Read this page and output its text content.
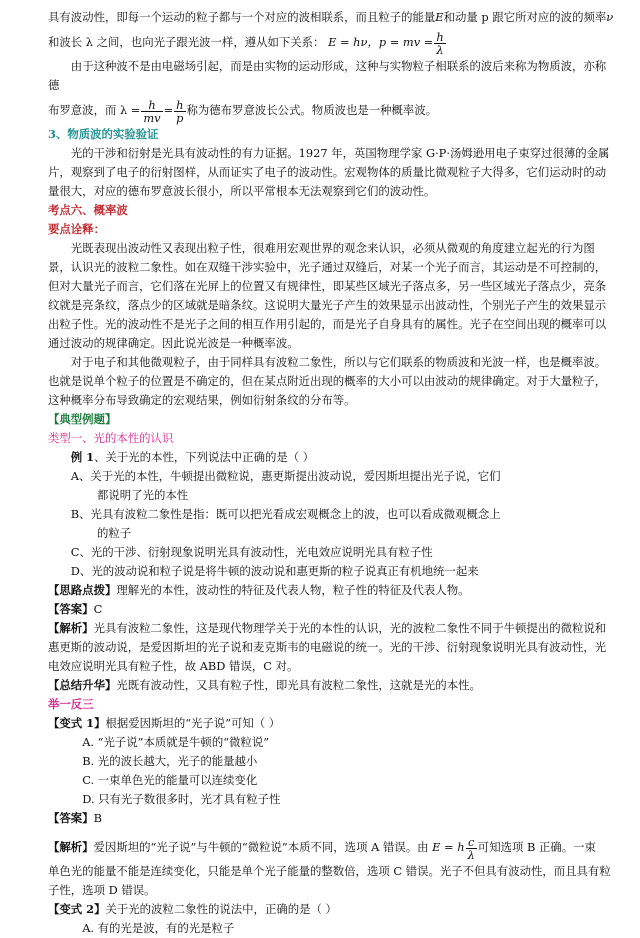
具有波动性，即每一个运动的粒子都与一个对应的波相联系，而且粒子的能量E和动量 p 跟它所对应的波的频率ν

和波长 λ 之间，也向光子跟光波一样，遵从如下关系： E = hν，p = mv = $\frac{h}{\lambda}$

由于这种波不是由电磁场引起，而是由实物的运动形成，这种与实物粒子相联系的波后来称为物质波，亦称德

布罗意波，而 $\lambda = \frac{h}{mv} = \frac{h}{p}$ 称为德布罗意波长公式。物质波也是一种概率波。

3、物质波的实验验证

光的干涉和衍射是光具有波动性的有力证据。1927 年，英国物理学家 G·P·汤姆逊用电子束穿过很薄的金属片，观察到了电子的衍射图样，从而证实了电子的波动性。宏观物体的质量比微观粒子大得多，它们运动时的动量很大，对应的德布罗意波长很小，所以平常根本无法观察到它们的波动性。

考点六、概率波

要点诠释：

光既表现出波动性又表现出粒子性，很难用宏观世界的观念来认识，必须从微观的角度建立起光的行为图景，认识光的波粒二象性。如在双缝干涉实验中，光子通过双缝后，对某一个光子而言，其运动是不可控制的，但对大量光子而言，它们落在光屏上的位置又有规律性，即某些区域光子落点多，另一些区域光子落点少，亮条纹就是亮条纹，落点少的区域就是暗条纹。这说明大量光子产生的效果显示出波动性，个别光子产生的效果显示出粒子性。光的波动性不是光子之间的相互作用引起的，而是光子自身具有的属性。光子在空间出现的概率可以通过波动的规律确定。因此说光波是一种概率波。

对于电子和其他微观粒子，由于同样具有波粒二象性，所以与它们联系的物质波和光波一样，也是概率波。也就是说单个粒子的位置是不确定的，但在某点附近出现的概率的大小可以由波动的规律确定。对于大量粒子，这种概率分布导致确定的宏观结果，例如衍射条纹的分布等。

【典型例题】

类型一、光的本性的认识

例 1、关于光的本性，下列说法中正确的是（ ）

A、关于光的本性，牛顿提出微粒说，惠更斯提出波动说，爱因斯坦提出光子说，它们

都说明了光的本性

B、光具有波粒二象性是指：既可以把光看成宏观概念上的波，也可以看成微观概念上

的粒子

C、光的干涉、衍射现象说明光具有波动性，光电效应说明光具有粒子性

D、光的波动说和粒子说是将牛顿的波动说和惠更斯的粒子说真正有机地统一起来

【思路点拨】理解光的本性，波动性的特征及代表人物，粒子性的特征及代表人物。

【答案】C

【解析】光具有波粒二象性，这是现代物理学关于光的本性的认识，光的波粒二象性不同于牛顿提出的微粒说和惠更斯的波动说，是爱因斯坦的光子说和麦克斯韦的电磁说的统一。光的干涉、衍射现象说明光具有波动性，光电效应说明光具有粒子性，故 ABD 错误，C 对。

【总结升华】光既有波动性，又具有粒子性，即光具有波粒二象性，这就是光的本性。

举一反三

【变式 1】根据爱因斯坦的“光子说”可知（ ）

A. “光子说”本质就是牛顿的“微粒说”

B. 光的波长越大，光子的能量越小

C. 一束单色光的能量可以连续变化

D. 只有光子数很多时，光才具有粒子性

【答案】B

【解析】爱因斯坦的“光子说”与牛顿的“微粒说”本质不同，选项 A 错误。由 E = h $\frac{c}{\lambda}$ 可知选项 B 正确。一束

单色光的能量不能是连续变化，只能是单个光子能量的整数倍，选项 C 错误。光子不但具有波动性，而且具有粒子性，选项 D 错误。

【变式 2】关于光的波粒二象性的说法中，正确的是（ ）

A. 有的光是波，有的光是粒子
